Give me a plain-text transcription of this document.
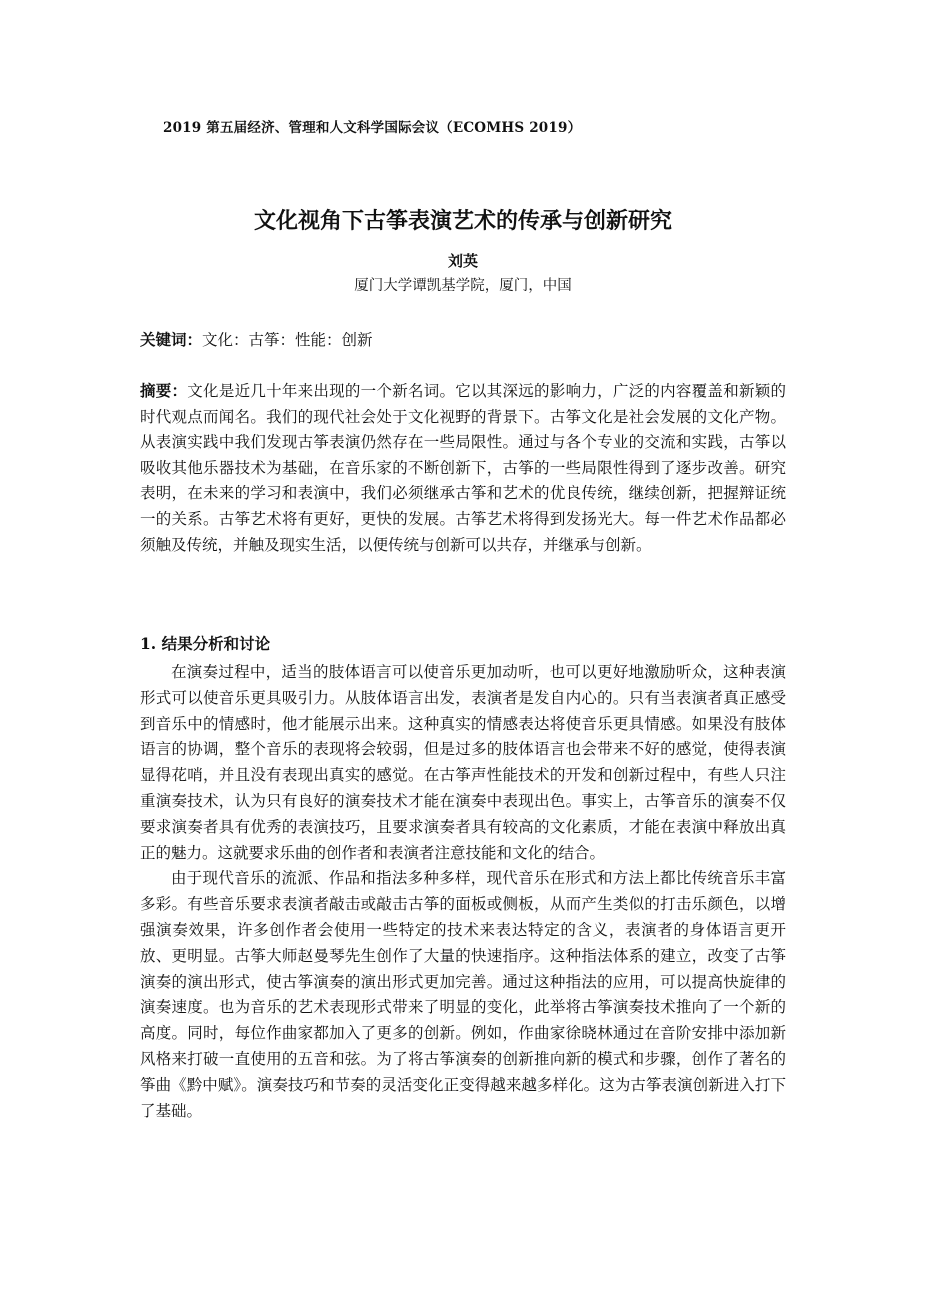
2019 第五届经济、管理和人文科学国际会议（ECOMHS 2019）
文化视角下古筝表演艺术的传承与创新研究
刘英
厦门大学谭凯基学院，厦门，中国
关键词：文化：古筝：性能：创新
摘要：文化是近几十年来出现的一个新名词。它以其深远的影响力，广泛的内容覆盖和新颖的时代观点而闻名。我们的现代社会处于文化视野的背景下。古筝文化是社会发展的文化产物。从表演实践中我们发现古筝表演仍然存在一些局限性。通过与各个专业的交流和实践，古筝以吸收其他乐器技术为基础，在音乐家的不断创新下，古筝的一些局限性得到了逐步改善。研究表明，在未来的学习和表演中，我们必须继承古筝和艺术的优良传统，继续创新，把握辩证统一的关系。古筝艺术将有更好，更快的发展。古筝艺术将得到发扬光大。每一件艺术作品都必须触及传统，并触及现实生活，以便传统与创新可以共存，并继承与创新。
1. 结果分析和讨论

在演奏过程中，适当的肢体语言可以使音乐更加动听，也可以更好地激励听众，这种表演形式可以使音乐更具吸引力。从肢体语言出发，表演者是发自内心的。只有当表演者真正感受到音乐中的情感时，他才能展示出来。这种真实的情感表达将使音乐更具情感。如果没有肢体语言的协调，整个音乐的表现将会较弱，但是过多的肢体语言也会带来不好的感觉，使得表演显得花哨，并且没有表现出真实的感觉。在古筝声性能技术的开发和创新过程中，有些人只注重演奏技术，认为只有良好的演奏技术才能在演奏中表现出色。事实上，古筝音乐的演奏不仅要求演奏者具有优秀的表演技巧，且要求演奏者具有较高的文化素质，才能在表演中释放出真正的魅力。这就要求乐曲的创作者和表演者注意技能和文化的结合。

由于现代音乐的流派、作品和指法多种多样，现代音乐在形式和方法上都比传统音乐丰富多彩。有些音乐要求表演者敲击或敲击古筝的面板或侧板，从而产生类似的打击乐颜色，以增强演奏效果，许多创作者会使用一些特定的技术来表达特定的含义，表演者的身体语言更开放、更明显。古筝大师赵曼琴先生创作了大量的快速指序。这种指法体系的建立，改变了古筝演奏的演出形式，使古筝演奏的演出形式更加完善。通过这种指法的应用，可以提高快旋律的演奏速度。也为音乐的艺术表现形式带来了明显的变化，此举将古筝演奏技术推向了一个新的高度。同时，每位作曲家都加入了更多的创新。例如，作曲家徐晓林通过在音阶安排中添加新风格来打破一直使用的五音和弦。为了将古筝演奏的创新推向新的模式和步骤，创作了著名的筝曲《黔中赋》。演奏技巧和节奏的灵活变化正变得越来越多样化。这为古筝表演创新进入打下了基础。
